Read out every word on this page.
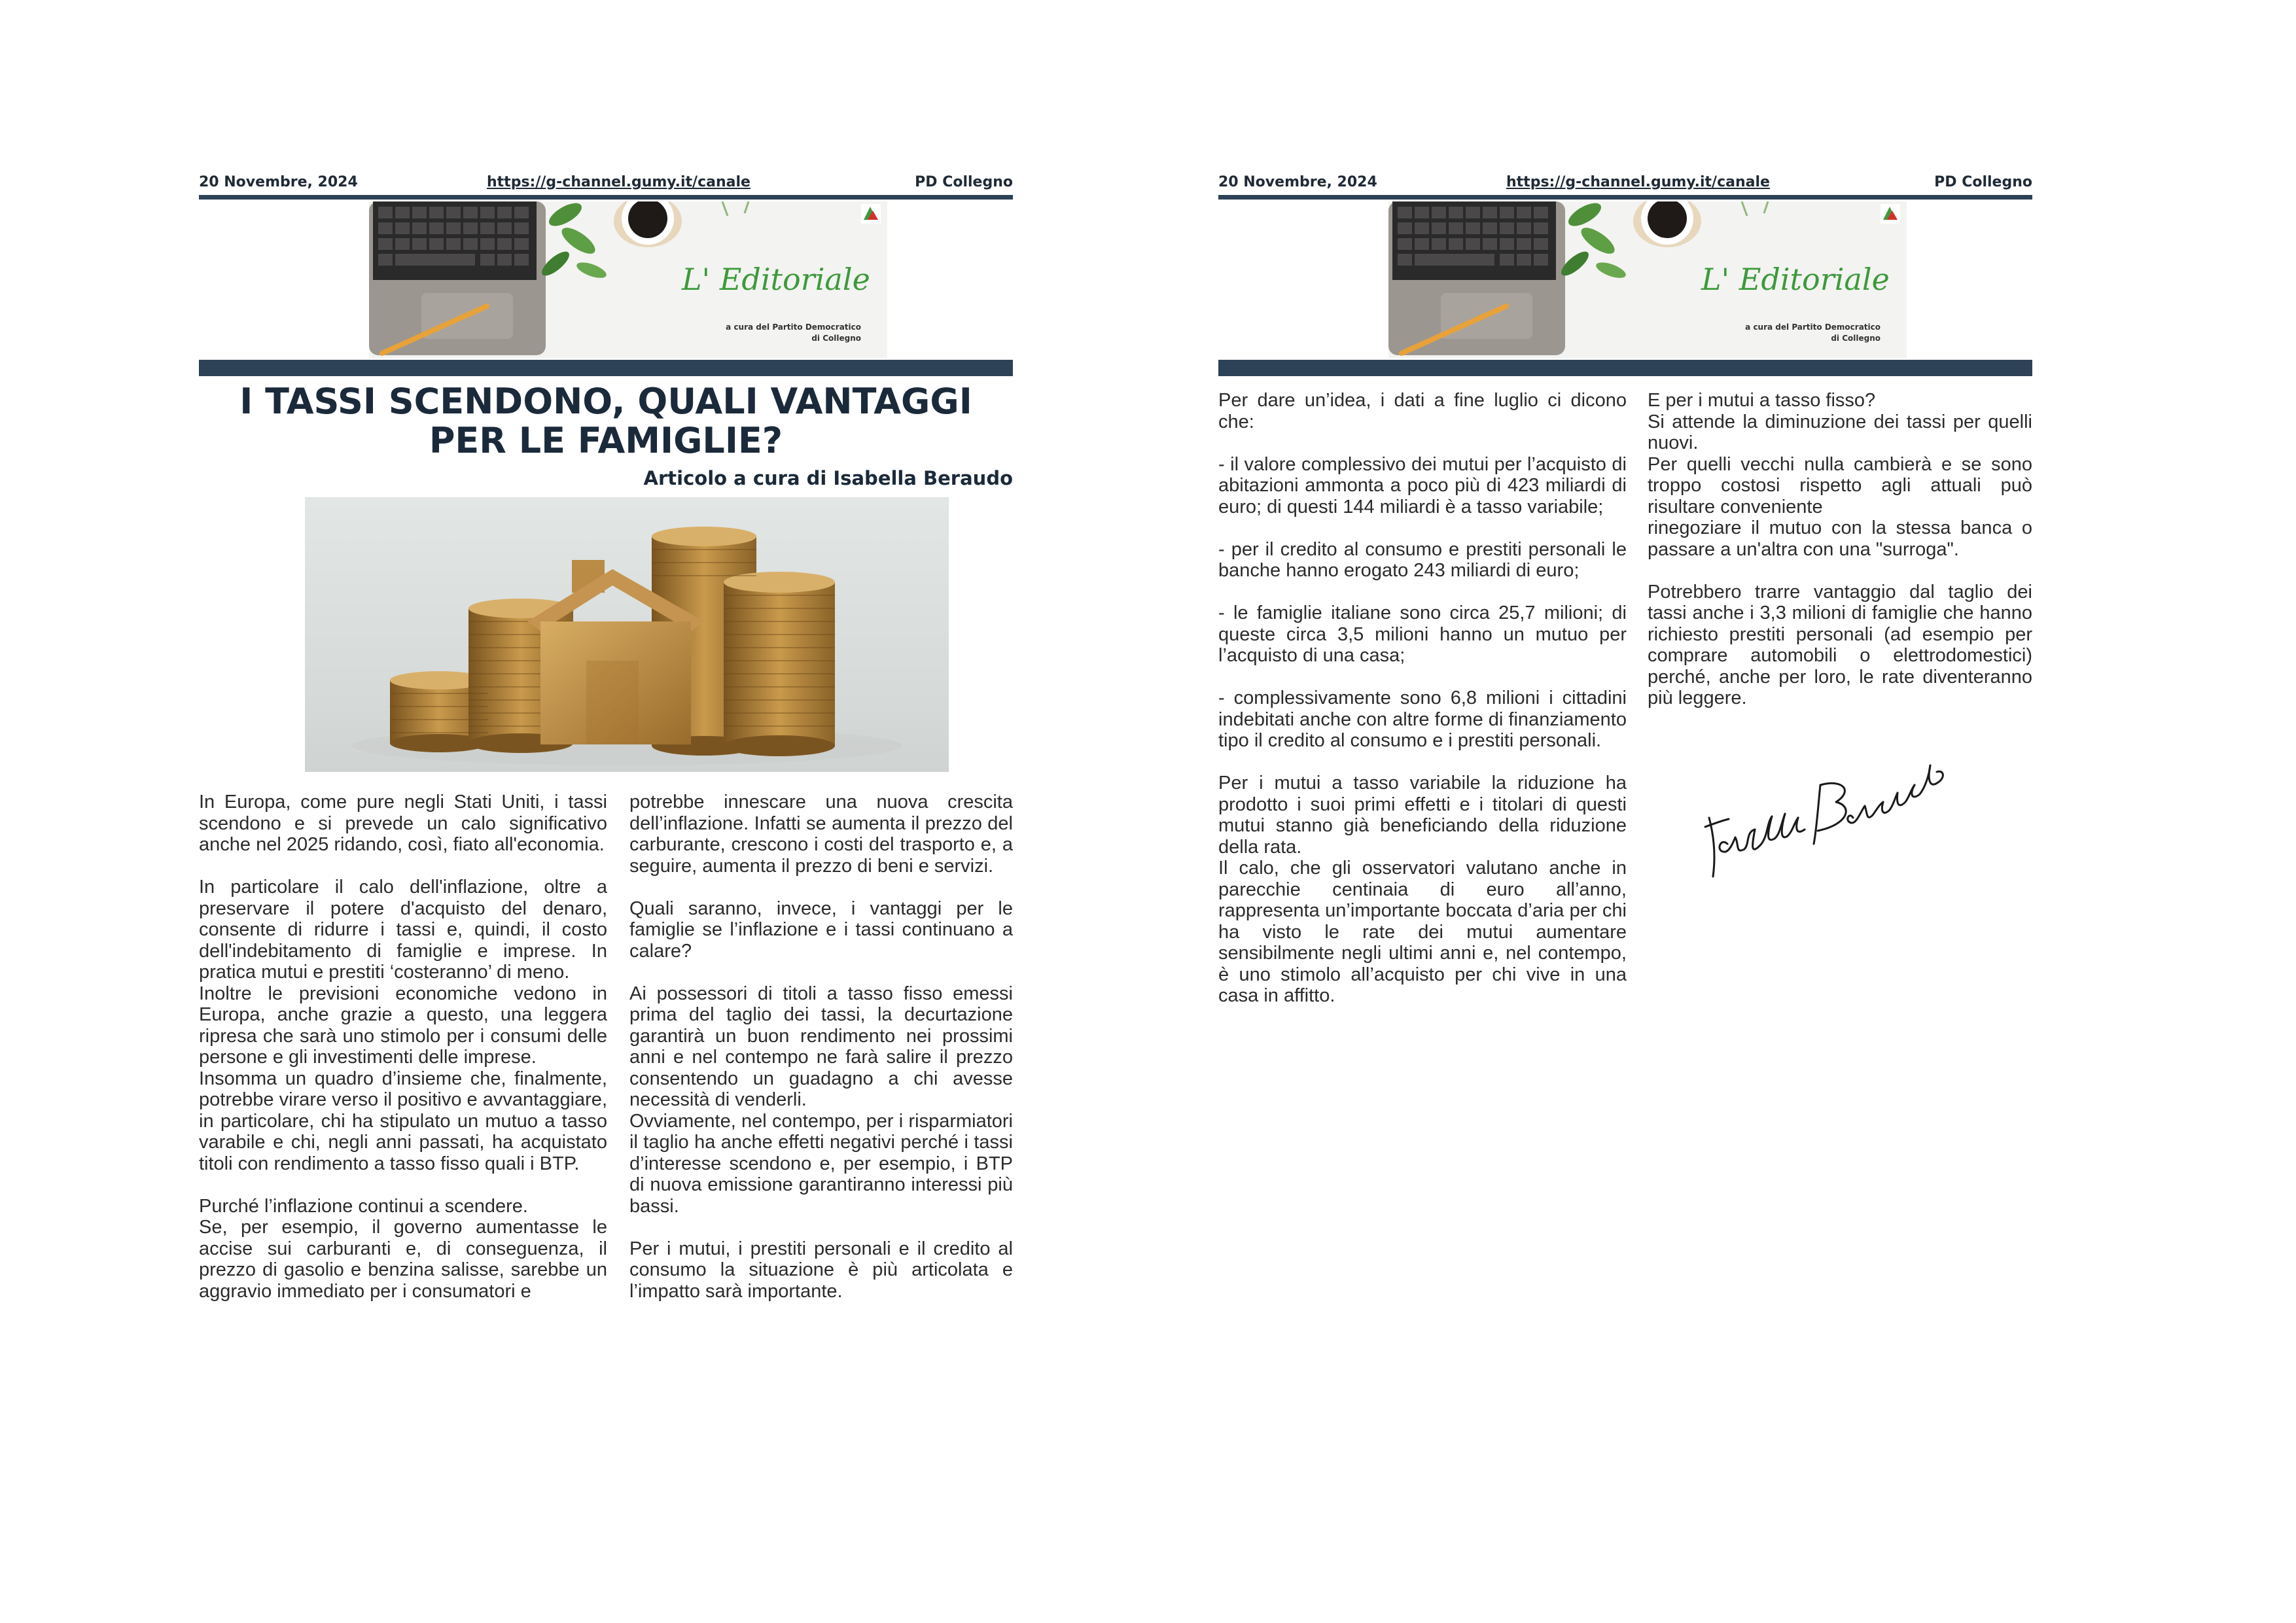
20 Novembre, 2024	https://g-channel.gumy.it/canale	PD Collegno
L' Editoriale
a cura del Partito Democratico
di Collegno
I TASSI SCENDONO, QUALI VANTAGGI PER LE FAMIGLIE?

Articolo a cura di Isabella Beraudo

In Europa, come pure negli Stati Uniti, i tassi scendono e si prevede un calo significativo anche nel 2025 ridando, così, fiato all'economia.

In particolare il calo dell'inflazione, oltre a preservare il potere d'acquisto del denaro, consente di ridurre i tassi e, quindi, il costo dell'indebitamento di famiglie e imprese. In pratica mutui e prestiti ‘costeranno’ di meno.

Inoltre le previsioni economiche vedono in Europa, anche grazie a questo, una leggera ripresa che sarà uno stimolo per i consumi delle persone e gli investimenti delle imprese.

Insomma un quadro d’insieme che, finalmente, potrebbe virare verso il positivo e avvantaggiare, in particolare, chi ha stipulato un mutuo a tasso varabile e chi, negli anni passati, ha acquistato titoli con rendimento a tasso fisso quali i BTP.

Purché l’inflazione continui a scendere.

Se, per esempio, il governo aumentasse le accise sui carburanti e, di conseguenza, il prezzo di gasolio e benzina salisse, sarebbe un aggravio immediato per i consumatori e

potrebbe innescare una nuova crescita dell’inflazione. Infatti se aumenta il prezzo del carburante, crescono i costi del trasporto e, a seguire, aumenta il prezzo di beni e servizi.

Quali saranno, invece, i vantaggi per le famiglie se l’inflazione e i tassi continuano a calare?

Ai possessori di titoli a tasso fisso emessi prima del taglio dei tassi, la decurtazione garantirà un buon rendimento nei prossimi anni e nel contempo ne farà salire il prezzo consentendo un guadagno a chi avesse necessità di venderli.

Ovviamente, nel contempo, per i risparmiatori il taglio ha anche effetti negativi perché i tassi d’interesse scendono e, per esempio, i BTP di nuova emissione garantiranno interessi più bassi.

Per i mutui, i prestiti personali e il credito al consumo la situazione è più articolata e l’impatto sarà importante.

20 Novembre, 2024	https://g-channel.gumy.it/canale	PD Collegno
L' Editoriale
a cura del Partito Democratico
di Collegno

Per dare un’idea, i dati a fine luglio ci dicono che:

- il valore complessivo dei mutui per l’acquisto di abitazioni ammonta a poco più di 423 miliardi di euro; di questi 144 miliardi è a tasso variabile;

- per il credito al consumo e prestiti personali le banche hanno erogato 243 miliardi di euro;

- le famiglie italiane sono circa 25,7 milioni; di queste circa 3,5 milioni hanno un mutuo per l’acquisto di una casa;

- complessivamente sono 6,8 milioni i cittadini indebitati anche con altre forme di finanziamento tipo il credito al consumo e i prestiti personali.

Per i mutui a tasso variabile la riduzione ha prodotto i suoi primi effetti e i titolari di questi mutui stanno già beneficiando della riduzione della rata.

Il calo, che gli osservatori valutano anche in parecchie centinaia di euro all’anno, rappresenta un’importante boccata d’aria per chi ha visto le rate dei mutui aumentare sensibilmente negli ultimi anni e, nel contempo, è uno stimolo all’acquisto per chi vive in una casa in affitto.

E per i mutui a tasso fisso?

Si attende la diminuzione dei tassi per quelli nuovi.

Per quelli vecchi nulla cambierà e se sono troppo costosi rispetto agli attuali può risultare conveniente

rinegoziare il mutuo con la stessa banca o passare a un'altra con una "surroga".

Potrebbero trarre vantaggio dal taglio dei tassi anche i 3,3 milioni di famiglie che hanno richiesto prestiti personali (ad esempio per comprare automobili o elettrodomestici) perché, anche per loro, le rate diventeranno più leggere.
